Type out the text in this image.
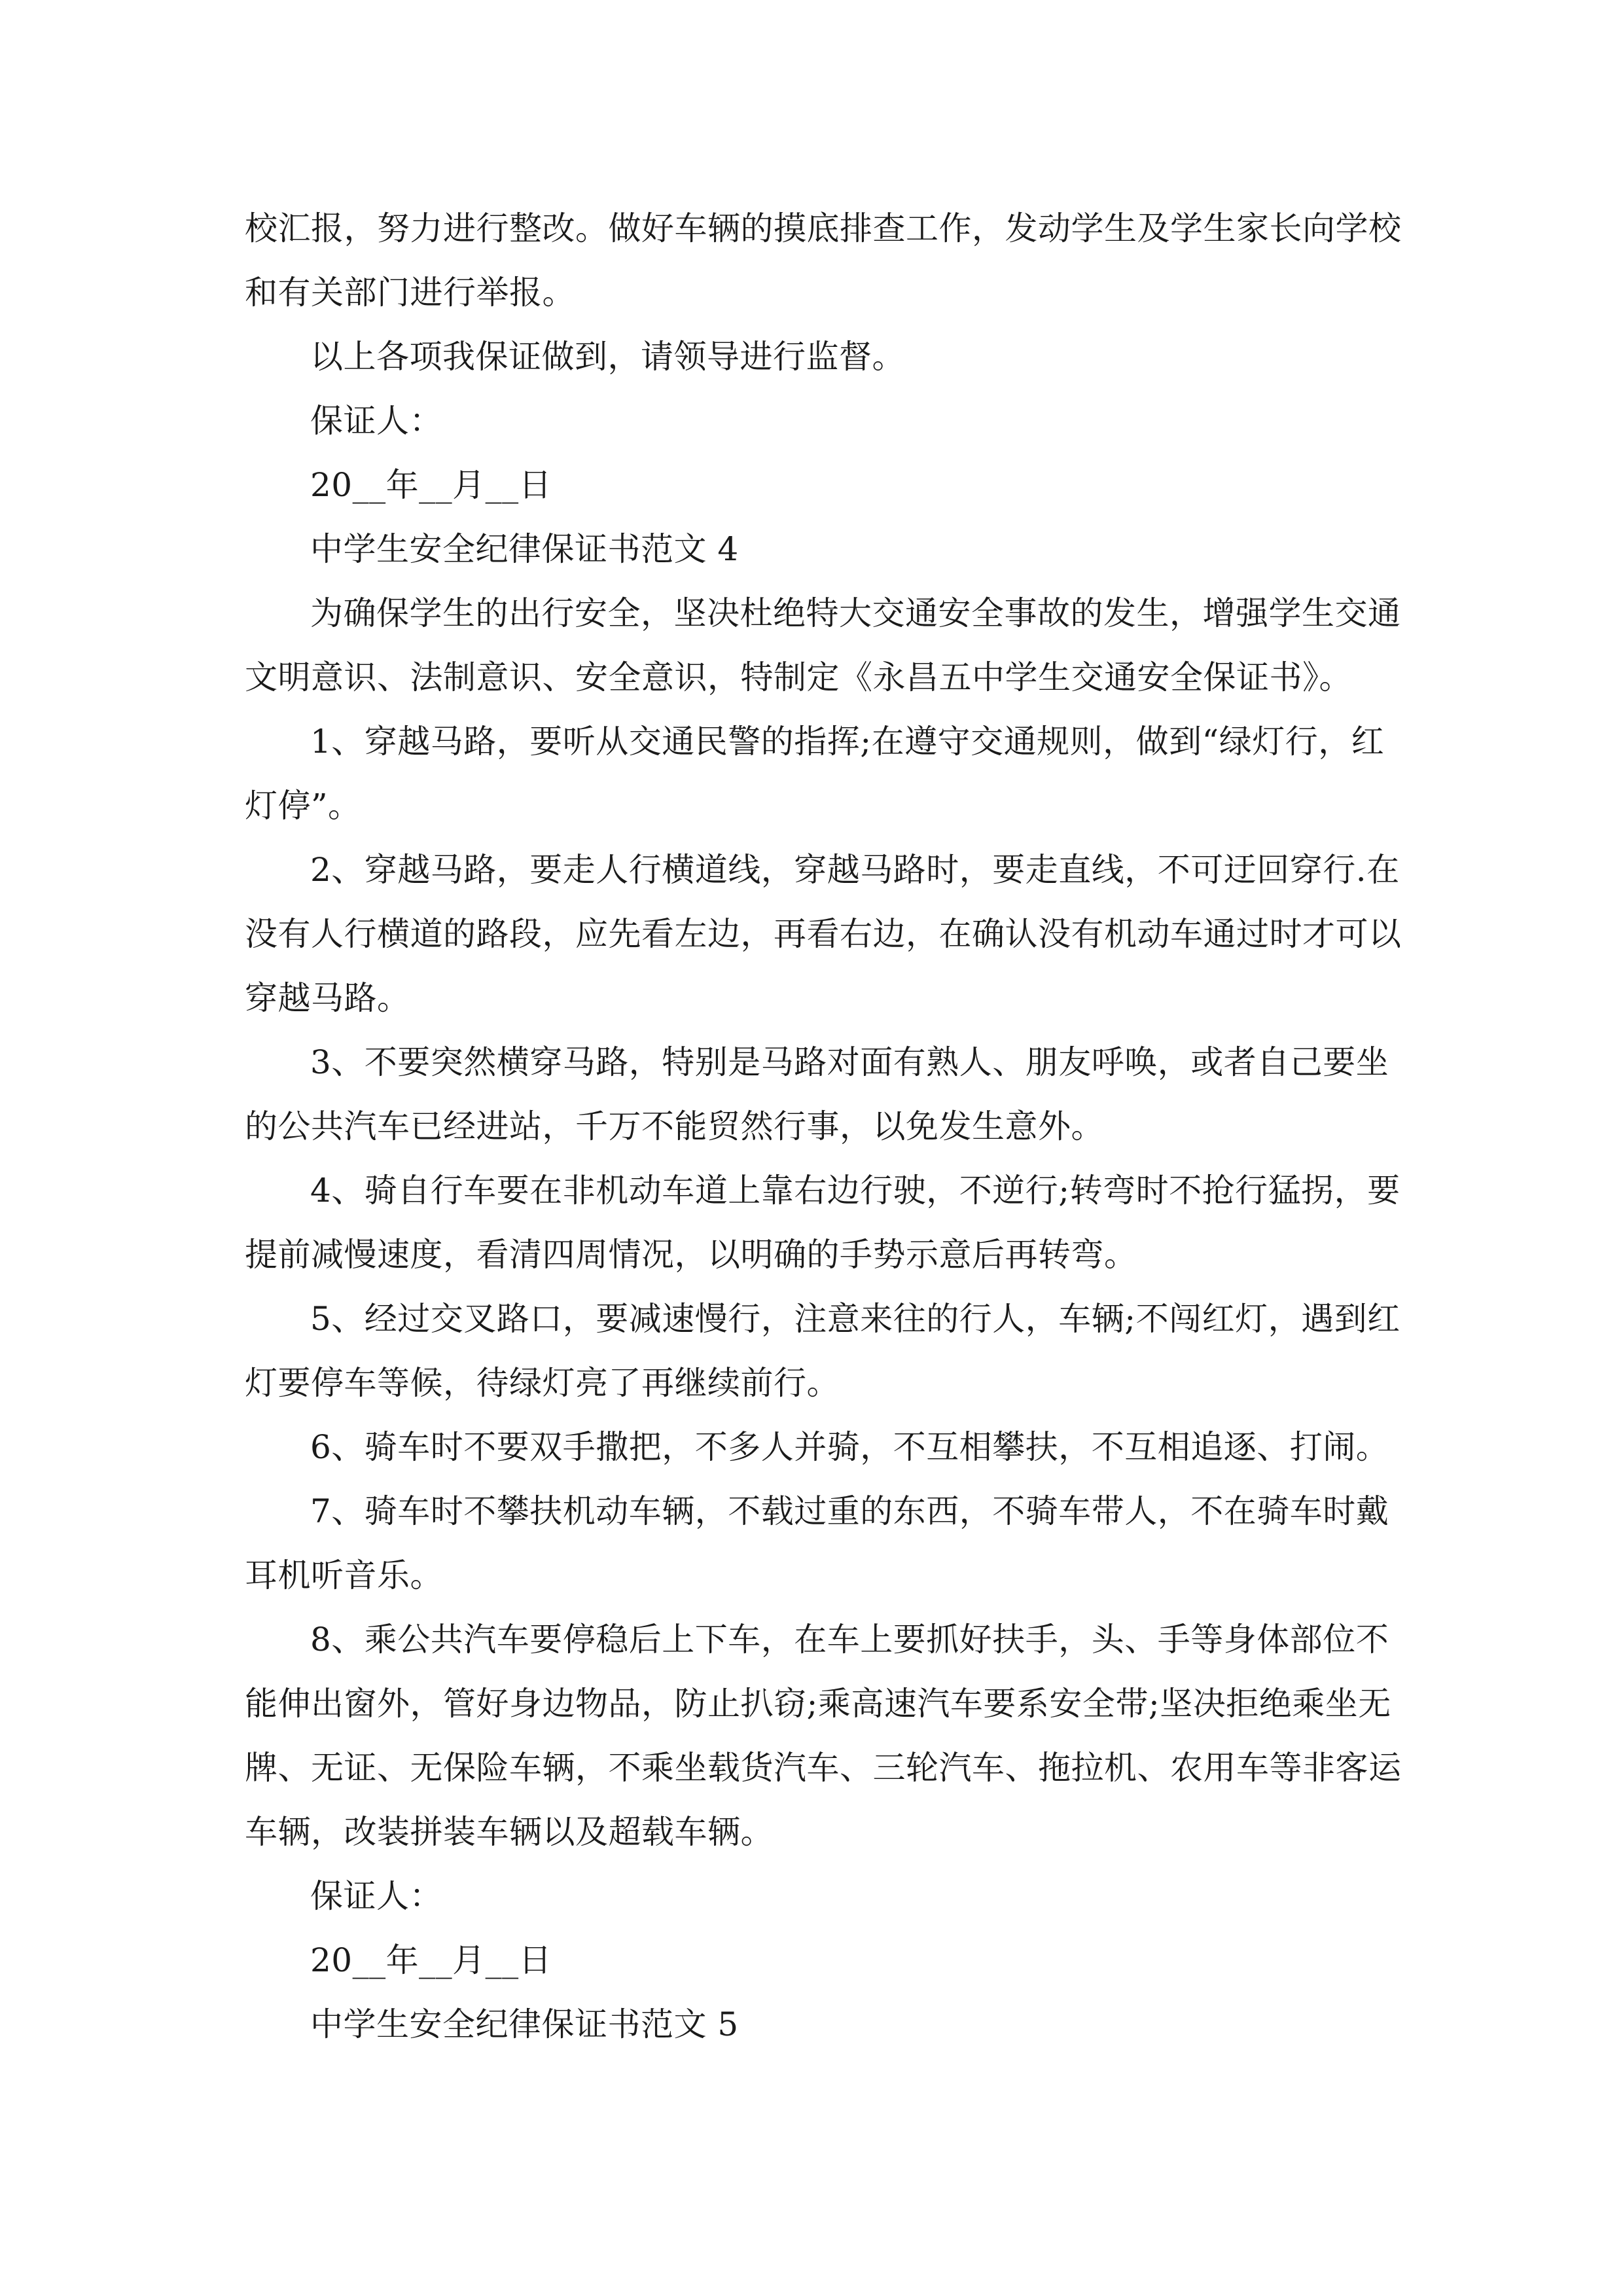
校汇报，努力进行整改。做好车辆的摸底排查工作，发动学生及学生家长向学校
和有关部门进行举报。
以上各项我保证做到，请领导进行监督。
保证人：
20__年__月__日
中学生安全纪律保证书范文 4
为确保学生的出行安全，坚决杜绝特大交通安全事故的发生，增强学生交通
文明意识、法制意识、安全意识，特制定《永昌五中学生交通安全保证书》。
1、穿越马路，要听从交通民警的指挥;在遵守交通规则，做到“绿灯行，红
灯停”。
2、穿越马路，要走人行横道线，穿越马路时，要走直线，不可迂回穿行.在
没有人行横道的路段，应先看左边，再看右边，在确认没有机动车通过时才可以
穿越马路。
3、不要突然横穿马路，特别是马路对面有熟人、朋友呼唤，或者自己要坐
的公共汽车已经进站，千万不能贸然行事，以免发生意外。
4、骑自行车要在非机动车道上靠右边行驶，不逆行;转弯时不抢行猛拐，要
提前减慢速度，看清四周情况，以明确的手势示意后再转弯。
5、经过交叉路口，要减速慢行，注意来往的行人，车辆;不闯红灯，遇到红
灯要停车等候，待绿灯亮了再继续前行。
6、骑车时不要双手撒把，不多人并骑，不互相攀扶，不互相追逐、打闹。
7、骑车时不攀扶机动车辆，不载过重的东西，不骑车带人，不在骑车时戴
耳机听音乐。
8、乘公共汽车要停稳后上下车，在车上要抓好扶手，头、手等身体部位不
能伸出窗外，管好身边物品，防止扒窃;乘高速汽车要系安全带;坚决拒绝乘坐无
牌、无证、无保险车辆，不乘坐载货汽车、三轮汽车、拖拉机、农用车等非客运
车辆，改装拼装车辆以及超载车辆。
保证人：
20__年__月__日
中学生安全纪律保证书范文 5
